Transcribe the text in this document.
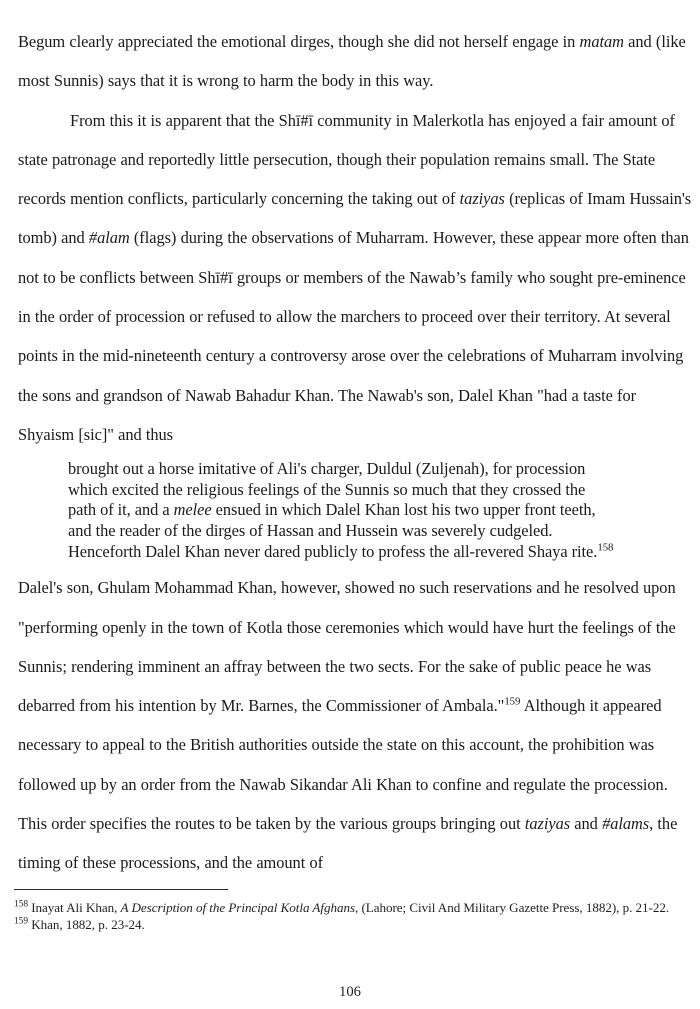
Begum clearly appreciated the emotional dirges, though she did not herself engage in matam and (like most Sunnis) says that it is wrong to harm the body in this way.

From this it is apparent that the Shī#ī community in Malerkotla has enjoyed a fair amount of state patronage and reportedly little persecution, though their population remains small. The State records mention conflicts, particularly concerning the taking out of taziyas (replicas of Imam Hussain's tomb) and #alam (flags) during the observations of Muharram. However, these appear more often than not to be conflicts between Shī#ī groups or members of the Nawab’s family who sought pre-eminence in the order of procession or refused to allow the marchers to proceed over their territory. At several points in the mid-nineteenth century a controversy arose over the celebrations of Muharram involving the sons and grandson of Nawab Bahadur Khan. The Nawab's son, Dalel Khan "had a taste for Shyaism [sic]" and thus

brought out a horse imitative of Ali's charger, Duldul (Zuljenah), for procession
which excited the religious feelings of the Sunnis so much that they crossed the
path of it, and a melee ensued in which Dalel Khan lost his two upper front teeth,
and the reader of the dirges of Hassan and Hussein was severely cudgeled.
Henceforth Dalel Khan never dared publicly to profess the all-revered Shaya rite.$^{158}$

Dalel's son, Ghulam Mohammad Khan, however, showed no such reservations and he resolved upon "performing openly in the town of Kotla those ceremonies which would have hurt the feelings of the Sunnis; rendering imminent an affray between the two sects. For the sake of public peace he was debarred from his intention by Mr. Barnes, the Commissioner of Ambala."$^{159}$ Although it appeared necessary to appeal to the British authorities outside the state on this account, the prohibition was followed up by an order from the Nawab Sikandar Ali Khan to confine and regulate the procession. This order specifies the routes to be taken by the various groups bringing out taziyas and #alams, the timing of these processions, and the amount of

$^{158}$ Inayat Ali Khan, A Description of the Principal Kotla Afghans, (Lahore; Civil And Military Gazette Press, 1882), p. 21-22.

$^{159}$ Khan, 1882, p. 23-24.

106
